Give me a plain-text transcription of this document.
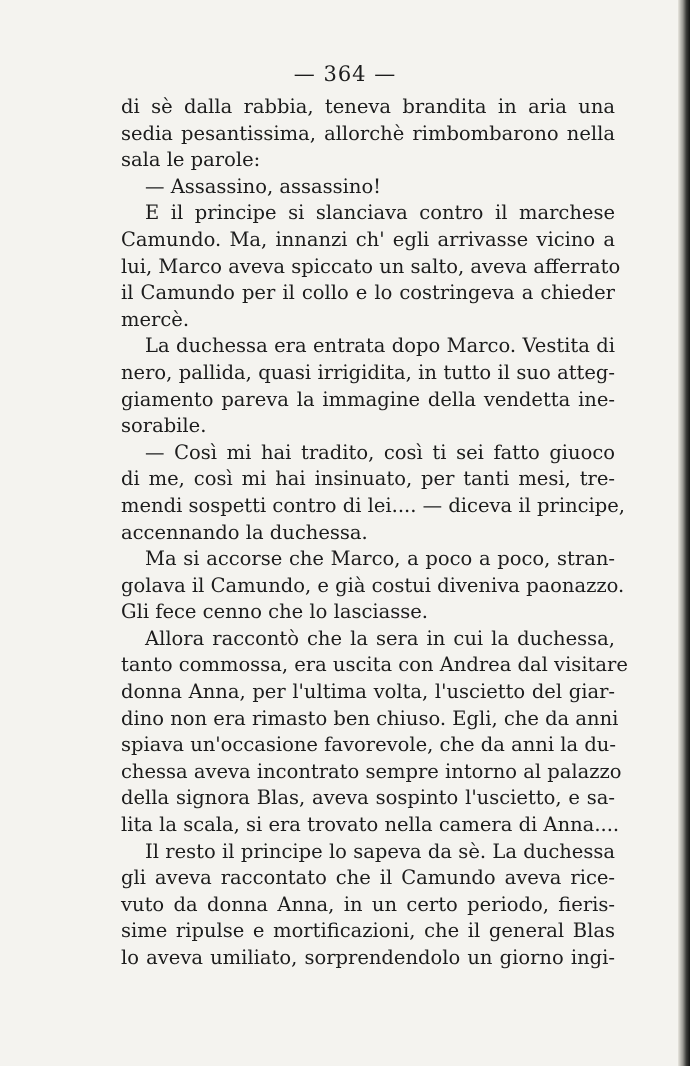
— 364 —
di sè dalla rabbia, teneva brandita in aria una
sedia pesantissima, allorchè rimbombarono nella
sala le parole:
— Assassino, assassino!
E il principe si slanciava contro il marchese
Camundo. Ma, innanzi ch' egli arrivasse vicino a
lui, Marco aveva spiccato un salto, aveva afferrato
il Camundo per il collo e lo costringeva a chieder
mercè.
La duchessa era entrata dopo Marco. Vestita di
nero, pallida, quasi irrigidita, in tutto il suo atteg-
giamento pareva la immagine della vendetta ine-
sorabile.
— Così mi hai tradito, così ti sei fatto giuoco
di me, così mi hai insinuato, per tanti mesi, tre-
mendi sospetti contro di lei.... — diceva il principe,
accennando la duchessa.
Ma si accorse che Marco, a poco a poco, stran-
golava il Camundo, e già costui diveniva paonazzo.
Gli fece cenno che lo lasciasse.
Allora raccontò che la sera in cui la duchessa,
tanto commossa, era uscita con Andrea dal visitare
donna Anna, per l'ultima volta, l'uscietto del giar-
dino non era rimasto ben chiuso. Egli, che da anni
spiava un'occasione favorevole, che da anni la du-
chessa aveva incontrato sempre intorno al palazzo
della signora Blas, aveva sospinto l'uscietto, e sa-
lita la scala, si era trovato nella camera di Anna....
Il resto il principe lo sapeva da sè. La duchessa
gli aveva raccontato che il Camundo aveva rice-
vuto da donna Anna, in un certo periodo, fieris-
sime ripulse e mortificazioni, che il general Blas
lo aveva umiliato, sorprendendolo un giorno ingi-
